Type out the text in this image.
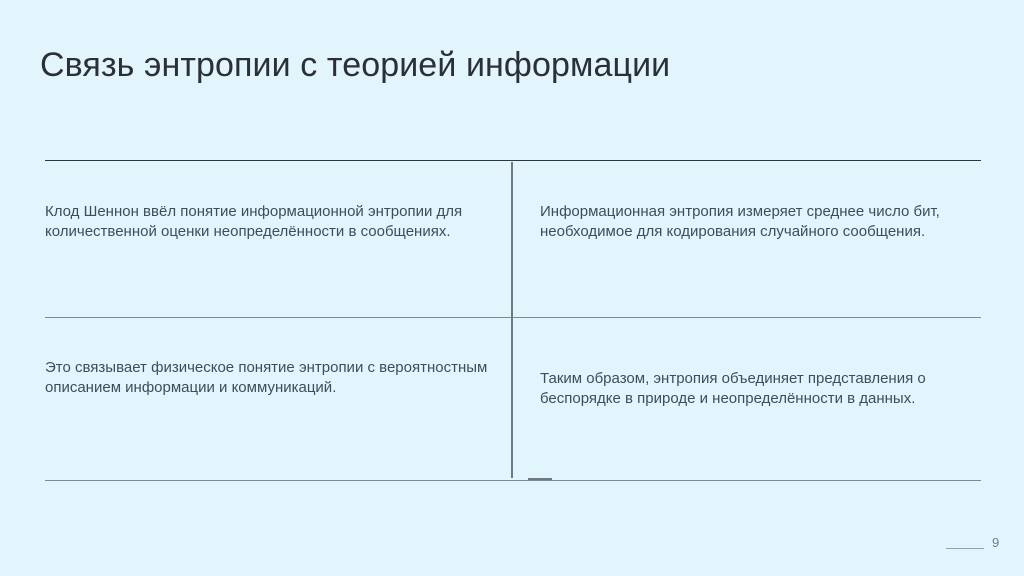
Связь энтропии с теорией информации
Клод Шеннон ввёл понятие информационной энтропии для количественной оценки неопределённости в сообщениях.
Информационная энтропия измеряет среднее число бит, необходимое для кодирования случайного сообщения.
Это связывает физическое понятие энтропии с вероятностным описанием информации и коммуникаций.
Таким образом, энтропия объединяет представления о беспорядке в природе и неопределённости в данных.
9
